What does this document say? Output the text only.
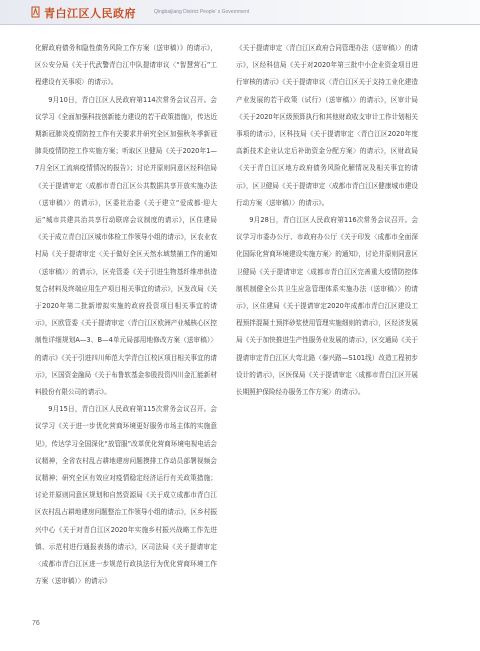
青白江区人民政府	Qingbaijiang District People’ s Government

化解政府债务和隐性债务风险工作方案（送审稿）》的请示》，区公安分局《关于代武警青白江中队提请审议〈“智慧营石”工程建设有关事项〉的请示》。

9月10日，青白江区人民政府第114次常务会议召开。会议学习《全面加强科技创新能力建设的若干政策措施》，传达近期新冠肺炎疫情防控工作有关要求并研究全区加强秋冬季新冠肺炎疫情防控工作实施方案；听取区卫健局《关于2020年1—7月全区工流病疫情情况的报告》；讨论并原则同意区经科信局《关于提请审定〈成都市青白江区公共数据共享开放实施办法（送审稿）〉的请示》，区委社治委《关于建立“爱成都·迎大运”城市共建共治共享行动联席会议制度的请示》，区住建局《关于成立青白江区城市体检工作领导小组的请示》，区农业农村局《关于提请审定〈关于做好全区天然水域禁捕工作的通知（送审稿）〉的请示》，区壳管委《关于引进生物基纤维串供造复合材料及终端应用生产项目相关事宜的请示》，区发改局《关于2020年第二批新增拟实施的政府投资项目相关事宜的请示》，区欧管委《关于提请审定〈青白江区欧洲产业城核心区控制性详细规划A—3、B—4单元局部用地修改方案（送审稿）〉的请示》《关于引进四川师范大学青白江校区项目相关事宜的请示》，区国资金融局《关于布鲁软基金参股投资四川金汇能新材料股份有限公司的请示》。

9月15日，青白江区人民政府第115次常务会议召开。会议学习《关于进一步优化营商环境更好服务市场主体的实施意见》，传达学习全国深化“放管服”改革优化营商环境电视电话会议精神，全省农村乱占耕地建房问题摸排工作动员部署视频会议精神；研究全区有效应对疫情稳定经济运行有关政策措施；讨论并原则同意区规划和自然资源局《关于成立成都市青白江区农村乱占耕地建房问题整治工作领导小组的请示》，区乡村振兴中心《关于对青白江区2020年实施乡村振兴战略工作先进镇、示范村进行通报表扬的请示》，区司法局《关于提请审定〈成都市青白江区进一步规范行政执法行为优化营商环境工作方案（送审稿）〉的请示》

《关于提请审定〈青白江区政府合同管理办法（送审稿）〉的请示》，区经科信局《关于对2020年第三批中小企业资金项目进行审核的请示》《关于提请审议〈青白江区关于支持工业化建造产业发展的若干政策（试行）（送审稿）〉的请示》，区审计局《关于2020年区级预算执行和其他财政收支审计工作计划相关事项的请示》，区科技局《关于提请审定〈青白江区2020年度高新技术企业认定后补助资金分配方案〉的请示》，区财政局《关于青白江区地方政府债务风险化解情况及相关事宜的请示》，区卫健局《关于提请审定〈成都市青白江区健康城市建设行动方案（送审稿）〉的请示》。

9月28日，青白江区人民政府第116次常务会议召开。会议学习市委办公厅、市政府办公厅《关于印发〈成都市全面深化国际化营商环境建设实施方案〉的通知》，讨论并原则同意区卫健局《关于提请审定〈成都市青白江区完善重大疫情防控体制机制健全公共卫生应急管理体系实施办法（送审稿）〉的请示》，区住建局《关于提请审定2020年成都市青白江区建设工程预拌混凝土预拌砂浆使用管理实施细则的请示》，区经济发展局《关于加快推进生产性服务业发展的请示》，区交通局《关于提请审定青白江区大弯北路（泰兴路—S101线）改造工程初步设计的请示》，区医保局《关于提请审定〈成都市青白江区开展长期照护保险经办服务工作方案〉的请示》。

76
